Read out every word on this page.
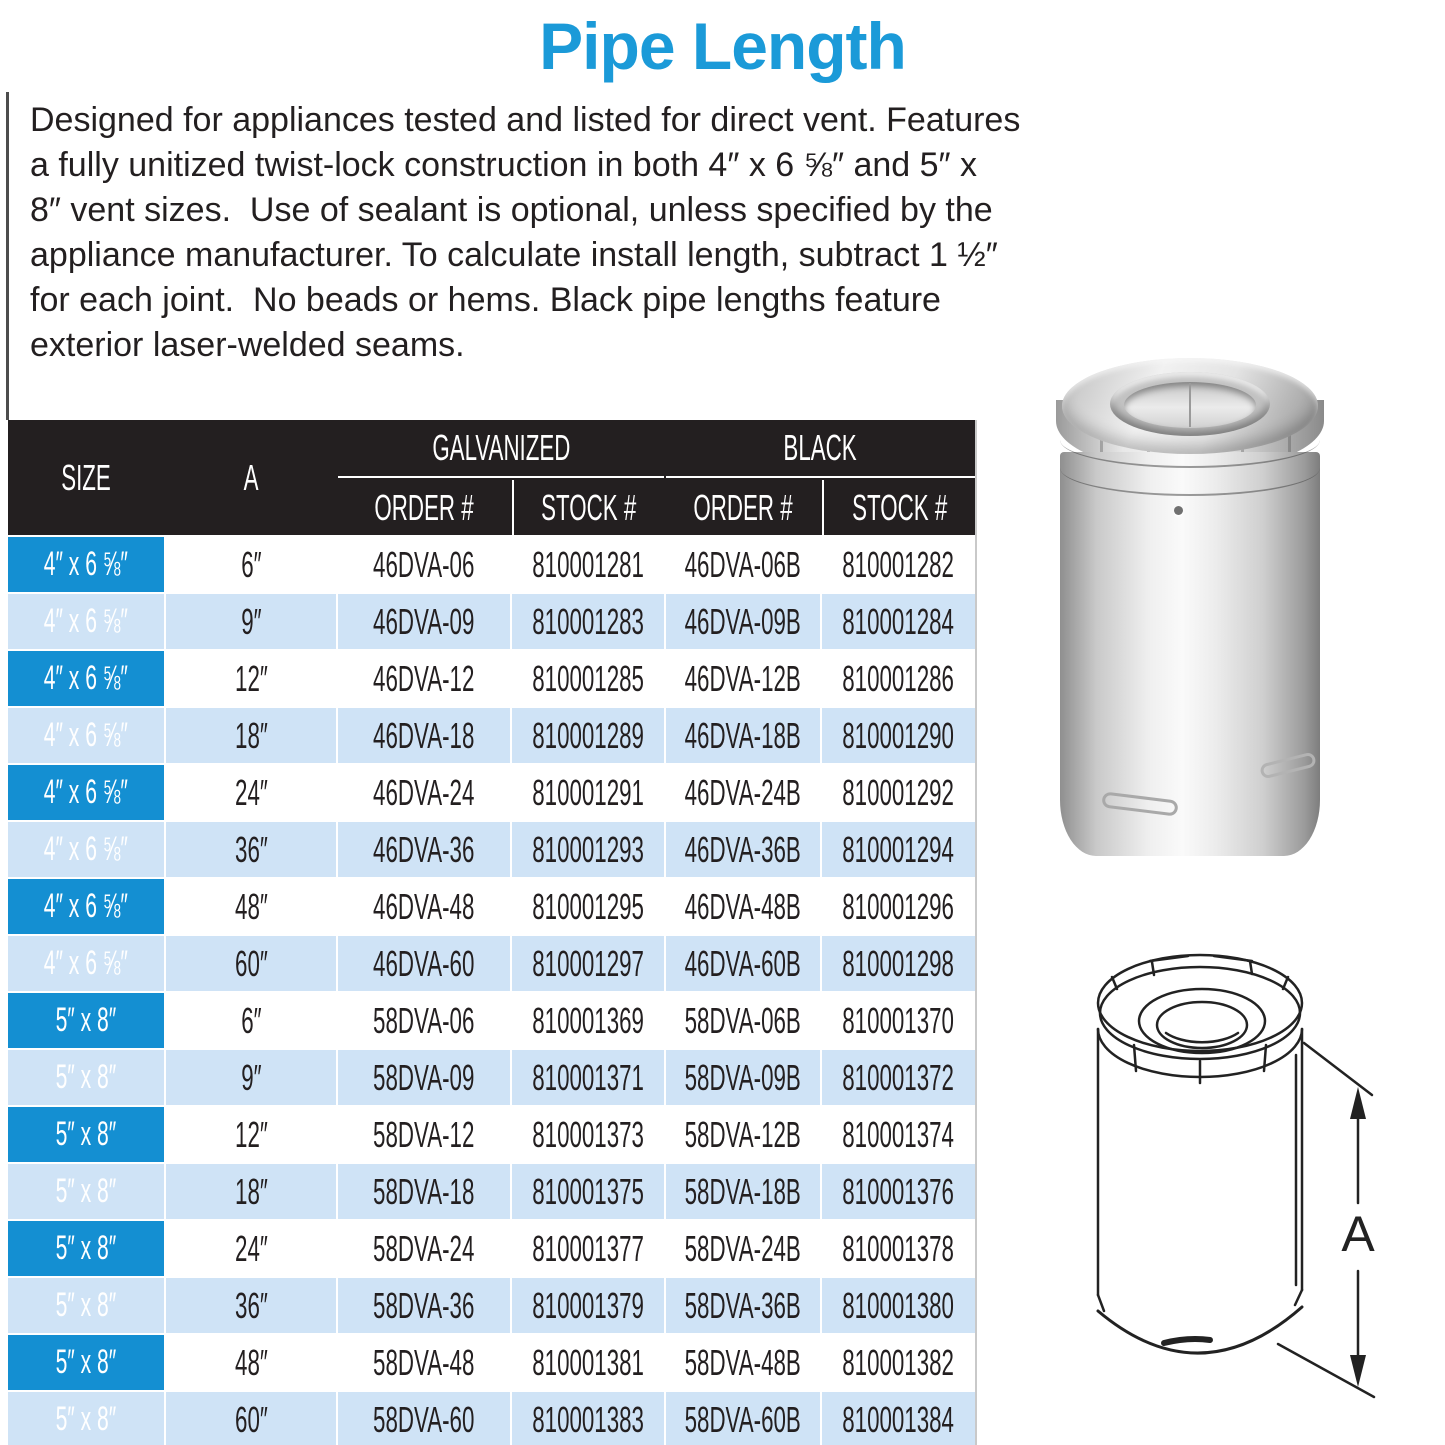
Pipe Length
Designed for appliances tested and listed for direct vent. Features
a fully unitized twist-lock construction in both 4″ x 6 ⅝″ and 5″ x
8″ vent sizes.  Use of sealant is optional, unless specified by the
appliance manufacturer. To calculate install length, subtract 1 ½″
for each joint.  No beads or hems. Black pipe lengths feature
exterior laser-welded seams.
SIZE	A
GALVANIZED	BLACK
ORDER # STOCK # ORDER # STOCK #
4″ x 6 ⅝″	6″	46DVA-06 810001281 46DVA-06B 810001282
4″ x 6 ⅝″	9″	46DVA-09 810001283 46DVA-09B 810001284
4″ x 6 ⅝″	12″	46DVA-12 810001285 46DVA-12B 810001286
4″ x 6 ⅝″	18″	46DVA-18 810001289 46DVA-18B 810001290
4″ x 6 ⅝″	24″	46DVA-24 810001291 46DVA-24B 810001292
4″ x 6 ⅝″	36″	46DVA-36 810001293 46DVA-36B 810001294
4″ x 6 ⅝″	48″	46DVA-48 810001295 46DVA-48B 810001296
4″ x 6 ⅝″	60″	46DVA-60 810001297 46DVA-60B 810001298
5″ x 8″	6″	58DVA-06 810001369 58DVA-06B 810001370
5″ x 8″	9″	58DVA-09 810001371 58DVA-09B 810001372
5″ x 8″	12″	58DVA-12 810001373 58DVA-12B 810001374
5″ x 8″	18″	58DVA-18 810001375 58DVA-18B 810001376
5″ x 8″	24″	58DVA-24 810001377 58DVA-24B 810001378
5″ x 8″	36″	58DVA-36 810001379 58DVA-36B 810001380
5″ x 8″	48″	58DVA-48 810001381 58DVA-48B 810001382
5″ x 8″	60″	58DVA-60 810001383 58DVA-60B 810001384
A
